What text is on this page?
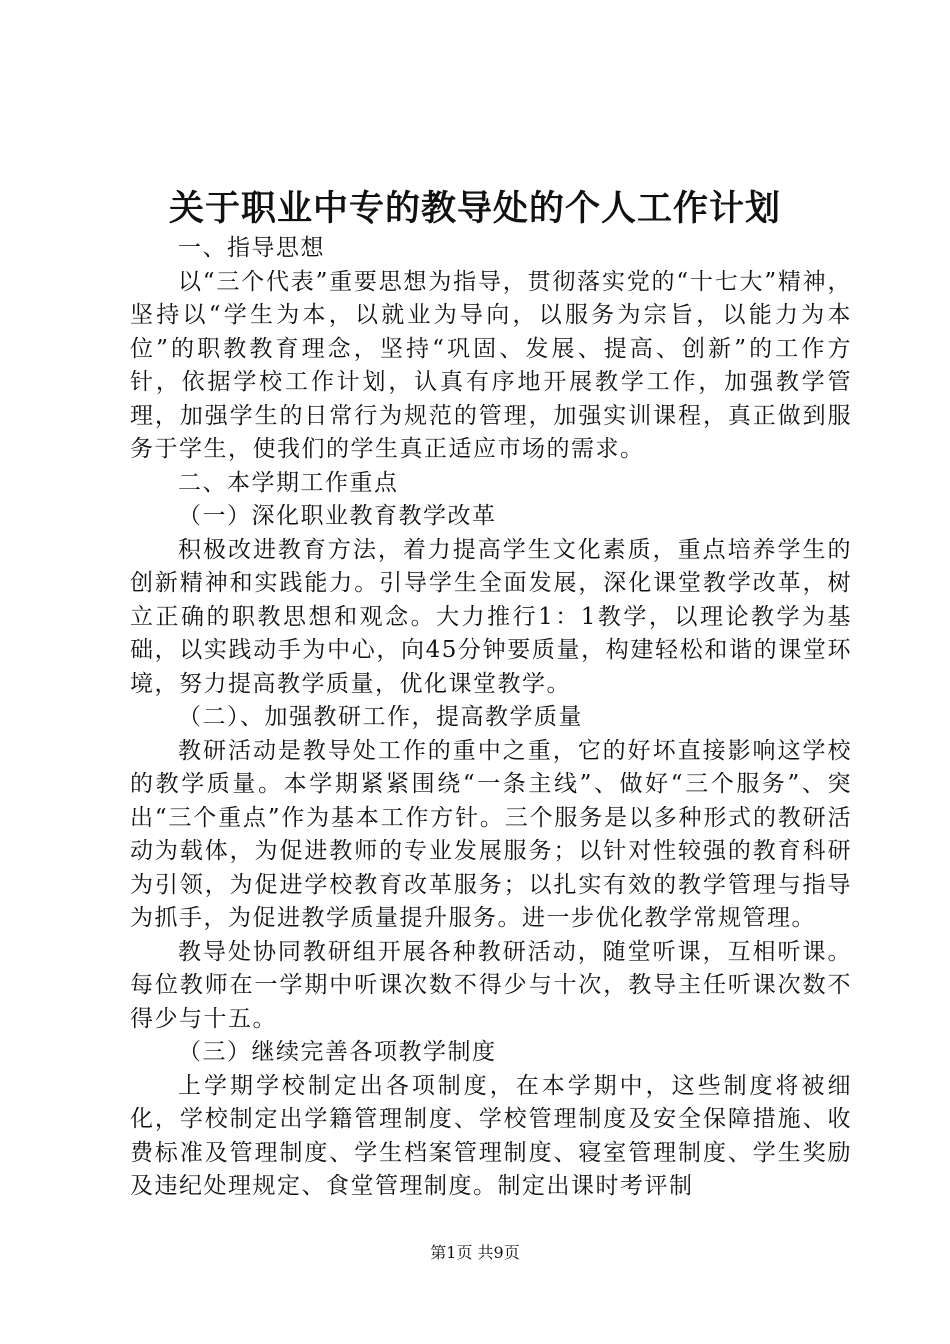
关于职业中专的教导处的个人工作计划

一、指导思想

以“三个代表”重要思想为指导，贯彻落实党的“十七大”精神，坚持以“学生为本，以就业为导向，以服务为宗旨，以能力为本位”的职教教育理念，坚持“巩固、发展、提高、创新”的工作方针，依据学校工作计划，认真有序地开展教学工作，加强教学管理，加强学生的日常行为规范的管理，加强实训课程，真正做到服务于学生，使我们的学生真正适应市场的需求。

二、本学期工作重点

（一）深化职业教育教学改革

积极改进教育方法，着力提高学生文化素质，重点培养学生的创新精神和实践能力。引导学生全面发展，深化课堂教学改革，树立正确的职教思想和观念。大力推行1：1教学，以理论教学为基础，以实践动手为中心，向45分钟要质量，构建轻松和谐的课堂环境，努力提高教学质量，优化课堂教学。

（二）、加强教研工作，提高教学质量

教研活动是教导处工作的重中之重，它的好坏直接影响这学校的教学质量。本学期紧紧围绕“一条主线”、做好“三个服务”、突出“三个重点”作为基本工作方针。三个服务是以多种形式的教研活动为载体，为促进教师的专业发展服务；以针对性较强的教育科研为引领，为促进学校教育改革服务；以扎实有效的教学管理与指导为抓手，为促进教学质量提升服务。进一步优化教学常规管理。

教导处协同教研组开展各种教研活动，随堂听课，互相听课。每位教师在一学期中听课次数不得少与十次，教导主任听课次数不得少与十五。

（三）继续完善各项教学制度

上学期学校制定出各项制度，在本学期中，这些制度将被细化，学校制定出学籍管理制度、学校管理制度及安全保障措施、收费标准及管理制度、学生档案管理制度、寝室管理制度、学生奖励及违纪处理规定、食堂管理制度。制定出课时考评制

第1页 共9页
